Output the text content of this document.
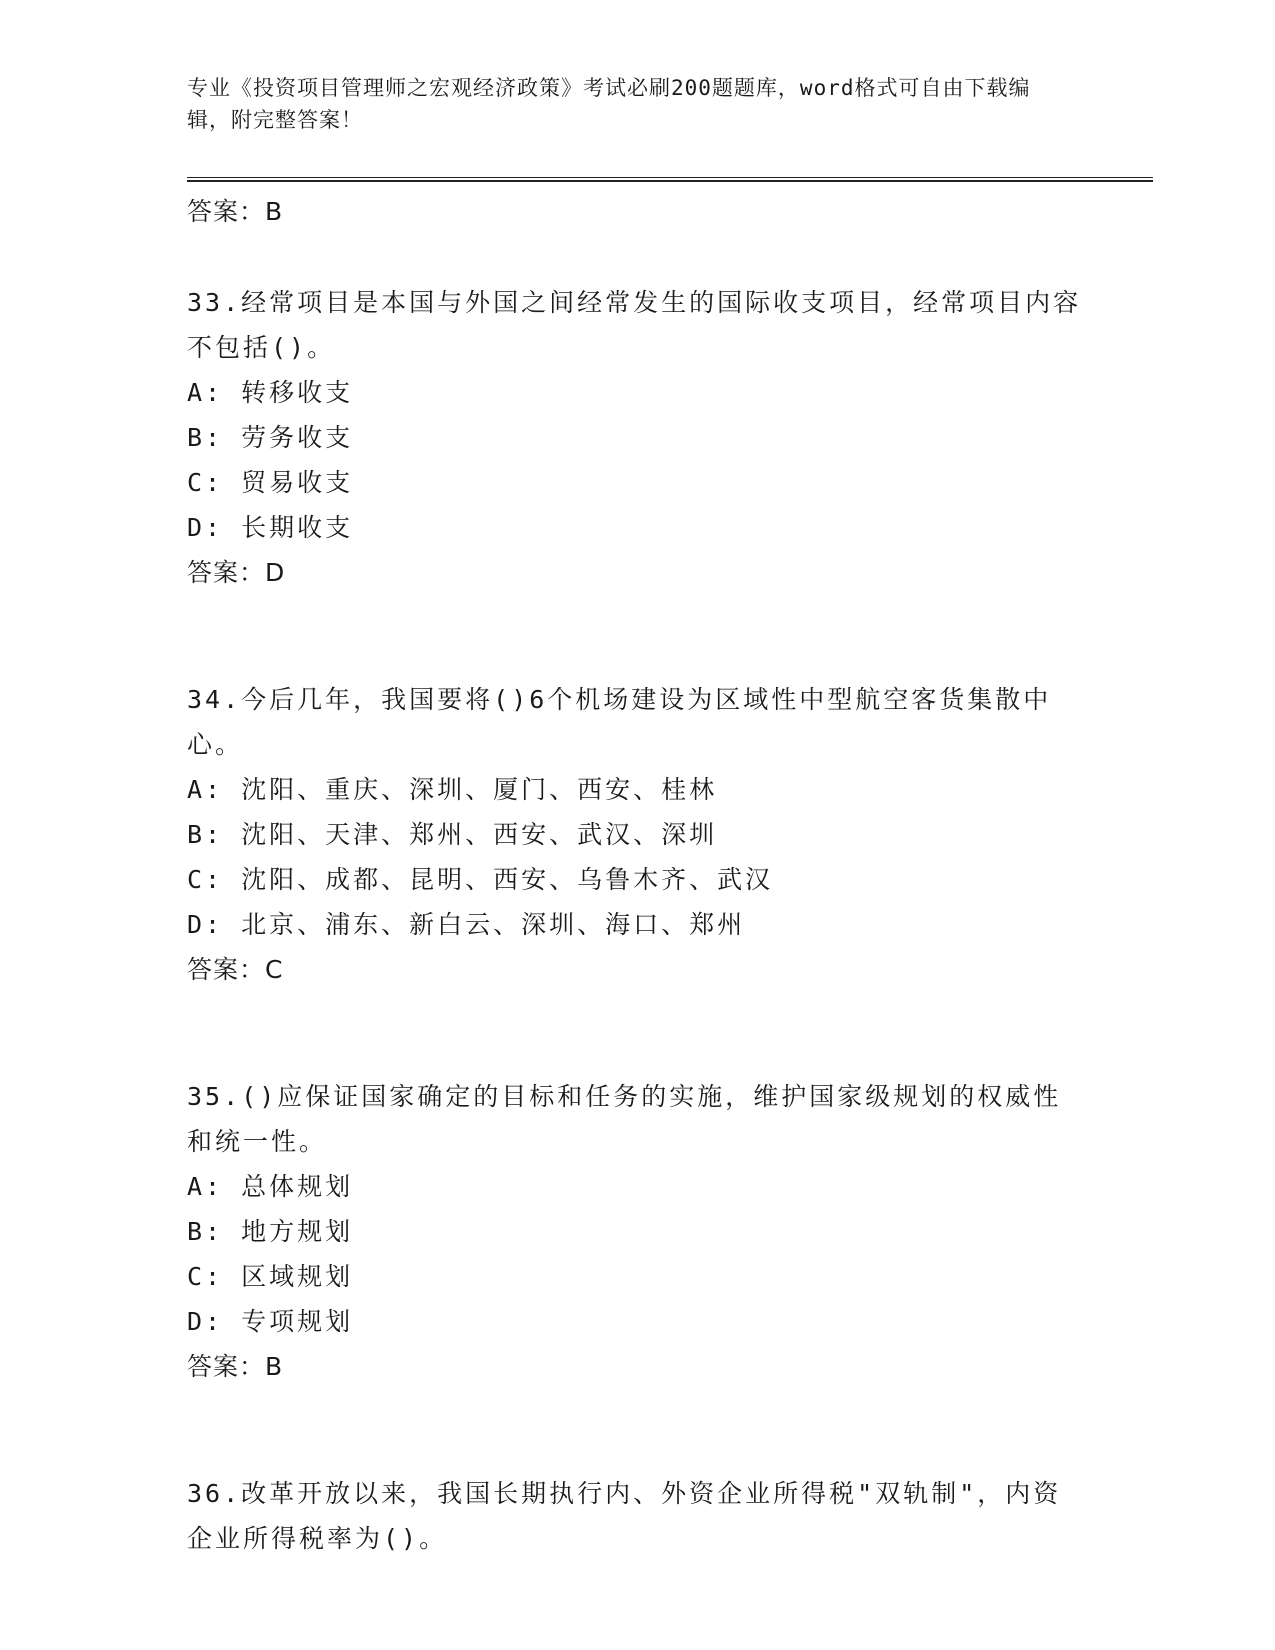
专业《投资项目管理师之宏观经济政策》考试必刷200题题库，word格式可自由下载编辑，附完整答案！
答案：B
33.经常项目是本国与外国之间经常发生的国际收支项目，经常项目内容不包括()。
A: 转移收支
B: 劳务收支
C: 贸易收支
D: 长期收支
答案：D
34.今后几年，我国要将()6个机场建设为区域性中型航空客货集散中心。
A: 沈阳、重庆、深圳、厦门、西安、桂林
B: 沈阳、天津、郑州、西安、武汉、深圳
C: 沈阳、成都、昆明、西安、乌鲁木齐、武汉
D: 北京、浦东、新白云、深圳、海口、郑州
答案：C
35.()应保证国家确定的目标和任务的实施，维护国家级规划的权威性和统一性。
A: 总体规划
B: 地方规划
C: 区域规划
D: 专项规划
答案：B
36.改革开放以来，我国长期执行内、外资企业所得税"双轨制"，内资企业所得税率为()。
